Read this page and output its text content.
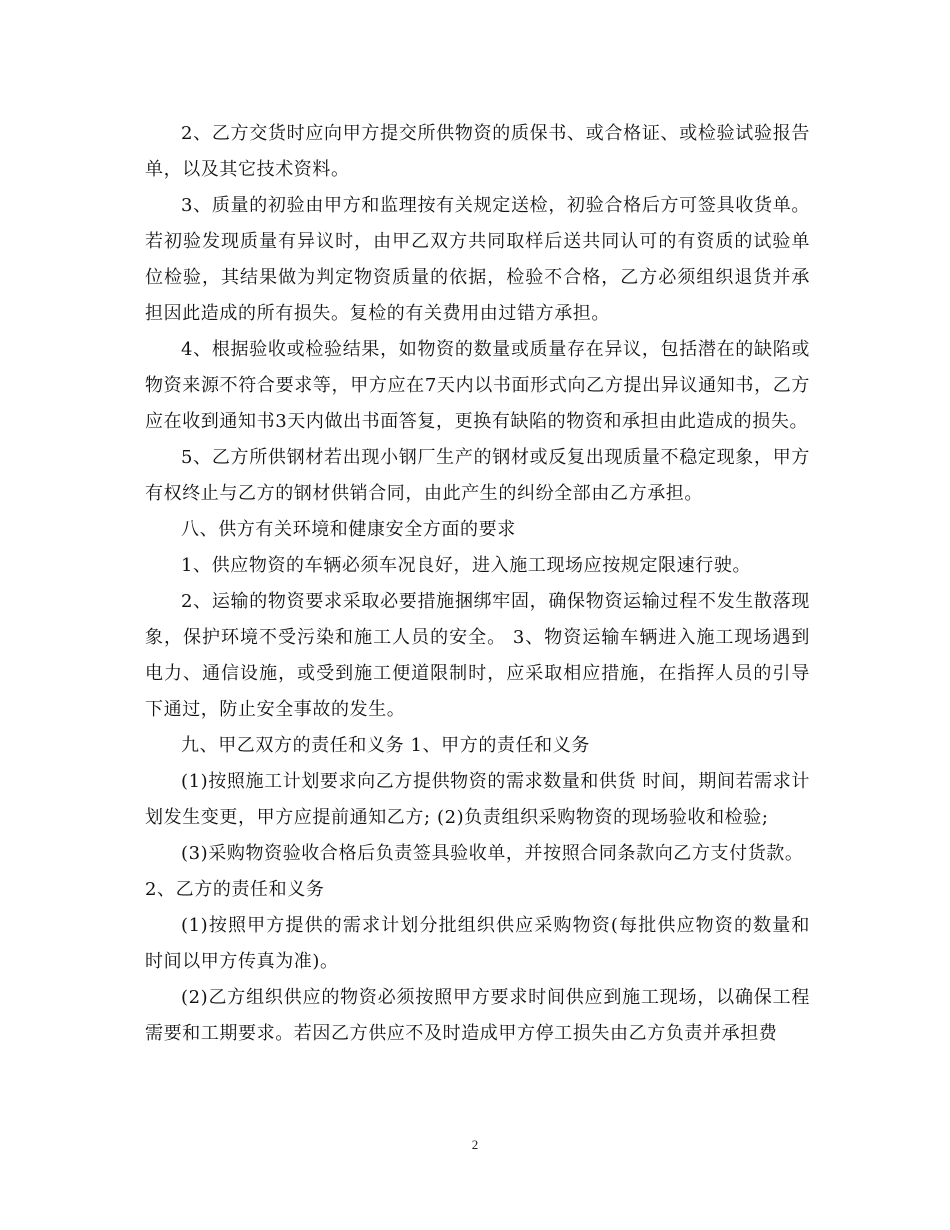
2、乙方交货时应向甲方提交所供物资的质保书、或合格证、或检验试验报告单，以及其它技术资料。

3、质量的初验由甲方和监理按有关规定送检，初验合格后方可签具收货单。若初验发现质量有异议时，由甲乙双方共同取样后送共同认可的有资质的试验单位检验，其结果做为判定物资质量的依据，检验不合格，乙方必须组织退货并承担因此造成的所有损失。复检的有关费用由过错方承担。

4、根据验收或检验结果，如物资的数量或质量存在异议，包括潜在的缺陷或物资来源不符合要求等，甲方应在7天内以书面形式向乙方提出异议通知书，乙方应在收到通知书3天内做出书面答复，更换有缺陷的物资和承担由此造成的损失。

5、乙方所供钢材若出现小钢厂生产的钢材或反复出现质量不稳定现象，甲方有权终止与乙方的钢材供销合同，由此产生的纠纷全部由乙方承担。

八、供方有关环境和健康安全方面的要求

1、供应物资的车辆必须车况良好，进入施工现场应按规定限速行驶。

2、运输的物资要求采取必要措施捆绑牢固，确保物资运输过程不发生散落现象，保护环境不受污染和施工人员的安全。 3、物资运输车辆进入施工现场遇到电力、通信设施，或受到施工便道限制时，应采取相应措施，在指挥人员的引导下通过，防止安全事故的发生。

九、甲乙双方的责任和义务 1、甲方的责任和义务

(1)按照施工计划要求向乙方提供物资的需求数量和供货 时间，期间若需求计划发生变更，甲方应提前通知乙方; (2)负责组织采购物资的现场验收和检验;

(3)采购物资验收合格后负责签具验收单，并按照合同条款向乙方支付货款。

2、乙方的责任和义务

(1)按照甲方提供的需求计划分批组织供应采购物资(每批供应物资的数量和时间以甲方传真为准)。

(2)乙方组织供应的物资必须按照甲方要求时间供应到施工现场，以确保工程需要和工期要求。若因乙方供应不及时造成甲方停工损失由乙方负责并承担费

2
